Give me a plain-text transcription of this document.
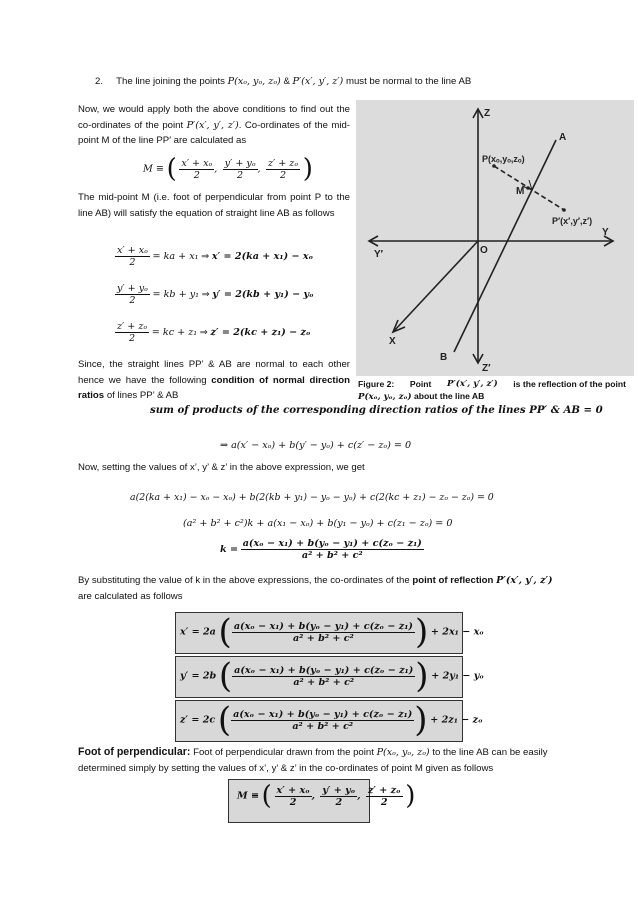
2. The line joining the points P(xₒ, yₒ, zₒ) & P′(x′, y′, z′) must be normal to the line AB
Now, we would apply both the above conditions to find out the co-ordinates of the point P′(x′, y′, z′). Co-ordinates of the mid-point M of the line PP′ are calculated as
M ≡ ( $\frac{\text{x′ + xₒ}}{2}$ , $\frac{\text{y′ + yₒ}}{2}$ , $\frac{\text{z′ + zₒ}}{2}$ )
The mid-point M (i.e. foot of perpendicular from point P to the line AB) will satisfy the equation of straight line AB as follows
$\frac{\text{x′ + xₒ}}{2}$ = ka + x₁ ⇒ x′ = 2(ka + x₁) − xₒ
$\frac{\text{y′ + yₒ}}{2}$ = kb + y₁ ⇒ y′ = 2(kb + y₁) − yₒ
$\frac{\text{z′ + zₒ}}{2}$ = kc + z₁ ⇒ z′ = 2(kc + z₁) − zₒ
Since, the straight lines PP’ & AB are normal to each other hence we have the following condition of normal direction ratios of lines PP’ & AB
Z
A
P(xₒ,yₒ,zₒ)
M
P′(x′,y′,z′)
Y′	O
Y
X
B
Z′
Figure 2: Point P′(x′, y′, z′) is the reflection of the point
P(xₒ, yₒ, zₒ) about the line AB
sum of products of the corresponding direction ratios of the lines PP′ & AB = 0
⇒ a(x′ − xₒ) + b(y′ − yₒ) + c(z′ − zₒ) = 0
Now, setting the values of x’, y’ & z’ in the above expression, we get
a(2(ka + x₁) − xₒ − xₒ) + b(2(kb + y₁) − yₒ − yₒ) + c(2(kc + z₁) − zₒ − zₒ) = 0
(a² + b² + c²)k + a(x₁ − xₒ) + b(y₁ − yₒ) + c(z₁ − zₒ) = 0
$k = \frac{\text{a(xₒ − x₁) + b(yₒ − y₁) + c(zₒ − z₁)}}{\text{a² + b² + c²}}$
By substituting the value of k in the above expressions, the co-ordinates of the point of reflection P′(x′, y′, z′)
are calculated as follows
x′ = 2a ( $\frac{\text{a(xₒ − x₁) + b(yₒ − y₁) + c(zₒ − z₁)}}{\text{a² + b² + c²}}$ ) + 2x₁ − xₒ
y′ = 2b ( $\frac{\text{a(xₒ − x₁) + b(yₒ − y₁) + c(zₒ − z₁)}}{\text{a² + b² + c²}}$ ) + 2y₁ − yₒ
z′ = 2c ( $\frac{\text{a(xₒ − x₁) + b(yₒ − y₁) + c(zₒ − z₁)}}{\text{a² + b² + c²}}$ ) + 2z₁ − zₒ
Foot of perpendicular: Foot of perpendicular drawn from the point P(xₒ, yₒ, zₒ) to the line AB can be easily determined simply by setting the values of x’, y’ & z’ in the co-ordinates of point M given as follows
M ≡ ( $\frac{\text{x′ + xₒ}}{2}$ , $\frac{\text{y′ + yₒ}}{2}$ , $\frac{\text{z′ + zₒ}}{2}$ )
